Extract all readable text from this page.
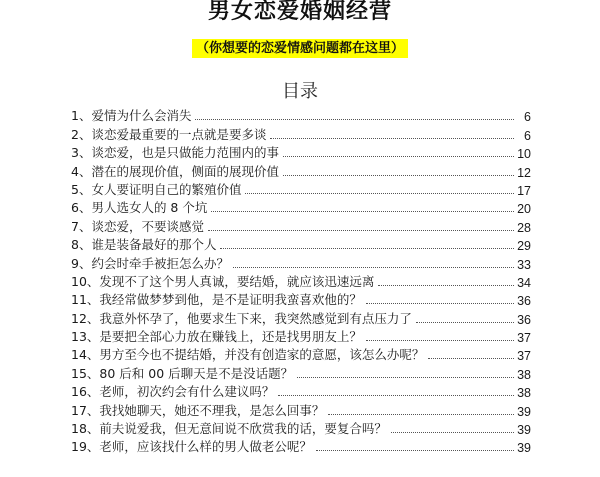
男女恋爱婚姻经营
（你想要的恋爱情感问题都在这里）
目录
1、爱情为什么会消失	6
2、谈恋爱最重要的一点就是要多谈	6
3、谈恋爱，也是只做能力范围内的事	10
4、潜在的展现价值，侧面的展现价值	12
5、女人要证明自己的繁殖价值	17
6、男人选女人的 8 个坑	20
7、谈恋爱，不要谈感觉	28
8、谁是装备最好的那个人	29
9、约会时牵手被拒怎么办？	33
10、发现不了这个男人真诚，要结婚，就应该迅速远离	34
11、我经常做梦梦到他，是不是证明我蛮喜欢他的？	36
12、我意外怀孕了，他要求生下来，我突然感觉到有点压力了	36
13、是要把全部心力放在赚钱上，还是找男朋友上？	37
14、男方至今也不提结婚，并没有创造家的意愿，该怎么办呢？	37
15、80 后和 00 后聊天是不是没话题？	38
16、老师，初次约会有什么建议吗？	38
17、我找她聊天，她还不理我，是怎么回事？	39
18、前夫说爱我，但无意间说不欣赏我的话，要复合吗？	39
19、老师，应该找什么样的男人做老公呢？	39
